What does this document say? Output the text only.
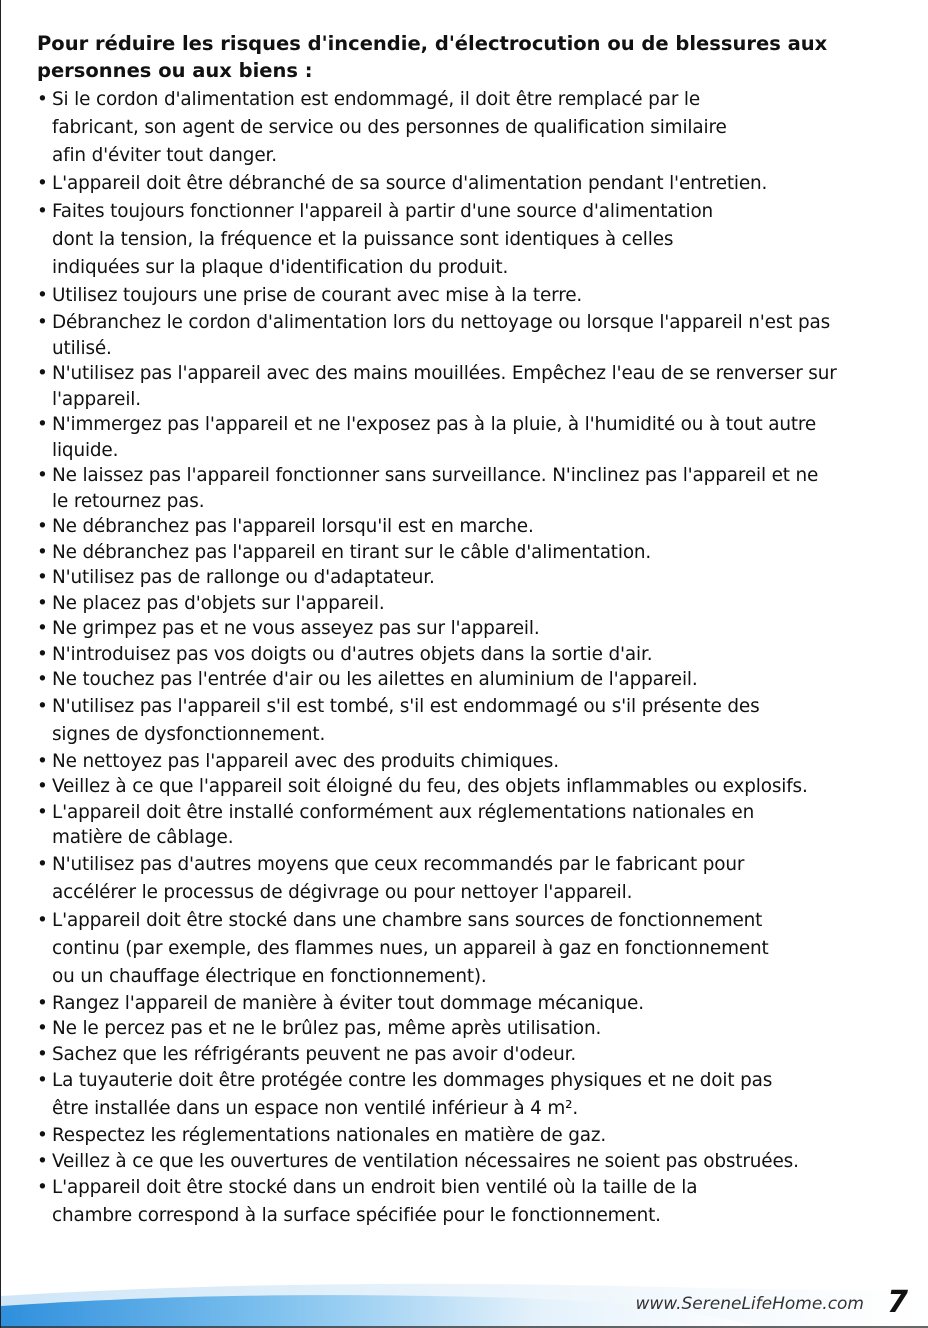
Pour réduire les risques d'incendie, d'électrocution ou de blessures aux
personnes ou aux biens :
• Si le cordon d'alimentation est endommagé, il doit être remplacé par le
fabricant, son agent de service ou des personnes de qualification similaire
afin d'éviter tout danger.
• L'appareil doit être débranché de sa source d'alimentation pendant l'entretien.
• Faites toujours fonctionner l'appareil à partir d'une source d'alimentation
dont la tension, la fréquence et la puissance sont identiques à celles
indiquées sur la plaque d'identification du produit.
• Utilisez toujours une prise de courant avec mise à la terre.
• Débranchez le cordon d'alimentation lors du nettoyage ou lorsque l'appareil n'est pas
utilisé.
• N'utilisez pas l'appareil avec des mains mouillées. Empêchez l'eau de se renverser sur
l'appareil.
• N'immergez pas l'appareil et ne l'exposez pas à la pluie, à l'humidité ou à tout autre
liquide.
• Ne laissez pas l'appareil fonctionner sans surveillance. N'inclinez pas l'appareil et ne
le retournez pas.
• Ne débranchez pas l'appareil lorsqu'il est en marche.
• Ne débranchez pas l'appareil en tirant sur le câble d'alimentation.
• N'utilisez pas de rallonge ou d'adaptateur.
• Ne placez pas d'objets sur l'appareil.
• Ne grimpez pas et ne vous asseyez pas sur l'appareil.
• N'introduisez pas vos doigts ou d'autres objets dans la sortie d'air.
• Ne touchez pas l'entrée d'air ou les ailettes en aluminium de l'appareil.
• N'utilisez pas l'appareil s'il est tombé, s'il est endommagé ou s'il présente des
signes de dysfonctionnement.
• Ne nettoyez pas l'appareil avec des produits chimiques.
• Veillez à ce que l'appareil soit éloigné du feu, des objets inflammables ou explosifs.
• L'appareil doit être installé conformément aux réglementations nationales en
matière de câblage.
• N'utilisez pas d'autres moyens que ceux recommandés par le fabricant pour
accélérer le processus de dégivrage ou pour nettoyer l'appareil.
• L'appareil doit être stocké dans une chambre sans sources de fonctionnement
continu (par exemple, des flammes nues, un appareil à gaz en fonctionnement
ou un chauffage électrique en fonctionnement).
• Rangez l'appareil de manière à éviter tout dommage mécanique.
• Ne le percez pas et ne le brûlez pas, même après utilisation.
• Sachez que les réfrigérants peuvent ne pas avoir d'odeur.
• La tuyauterie doit être protégée contre les dommages physiques et ne doit pas
être installée dans un espace non ventilé inférieur à 4 m².
• Respectez les réglementations nationales en matière de gaz.
• Veillez à ce que les ouvertures de ventilation nécessaires ne soient pas obstruées.
• L'appareil doit être stocké dans un endroit bien ventilé où la taille de la
chambre correspond à la surface spécifiée pour le fonctionnement.
www.SereneLifeHome.com 7
